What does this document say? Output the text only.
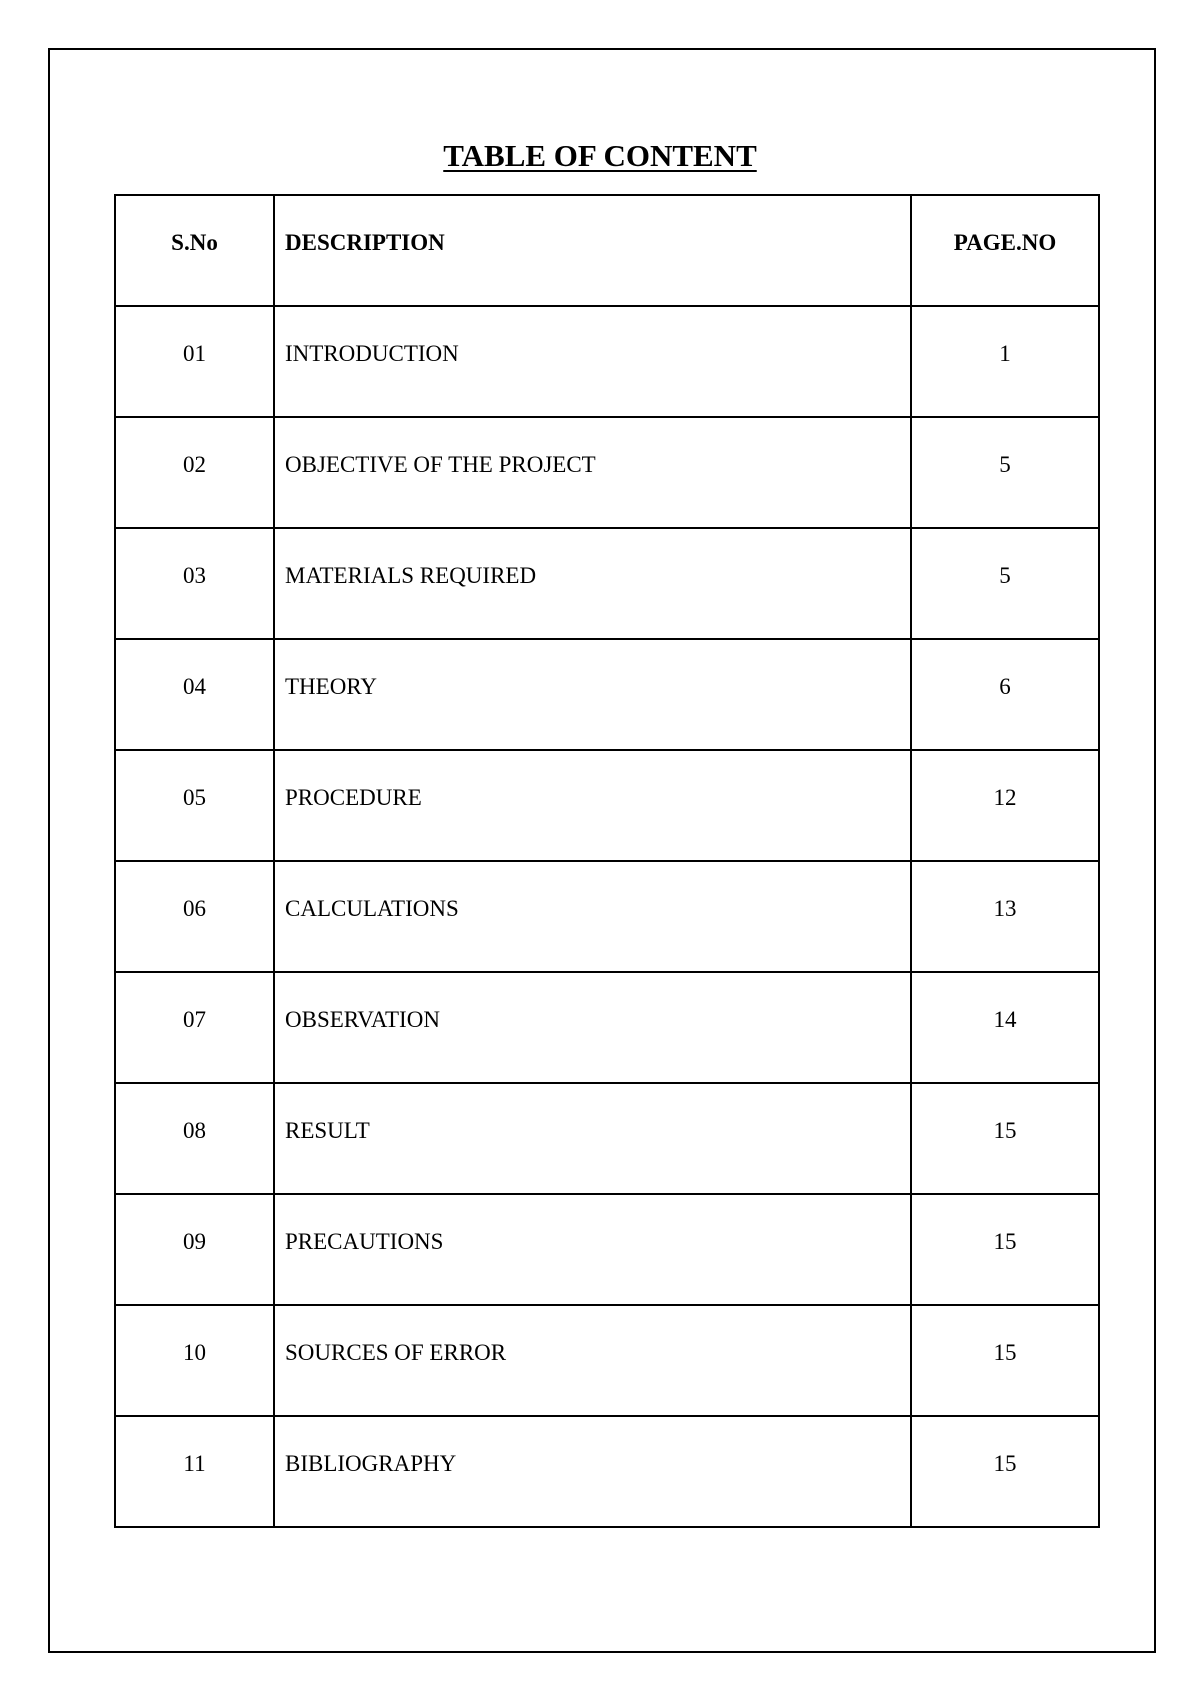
TABLE OF CONTENT
S.No	DESCRIPTION	PAGE.NO
01	INTRODUCTION	1
02	OBJECTIVE OF THE PROJECT	5
03	MATERIALS REQUIRED	5
04	THEORY	6
05	PROCEDURE	12
06	CALCULATIONS	13
07	OBSERVATION	14
08	RESULT	15
09	PRECAUTIONS	15
10	SOURCES OF ERROR	15
11	BIBLIOGRAPHY	15
